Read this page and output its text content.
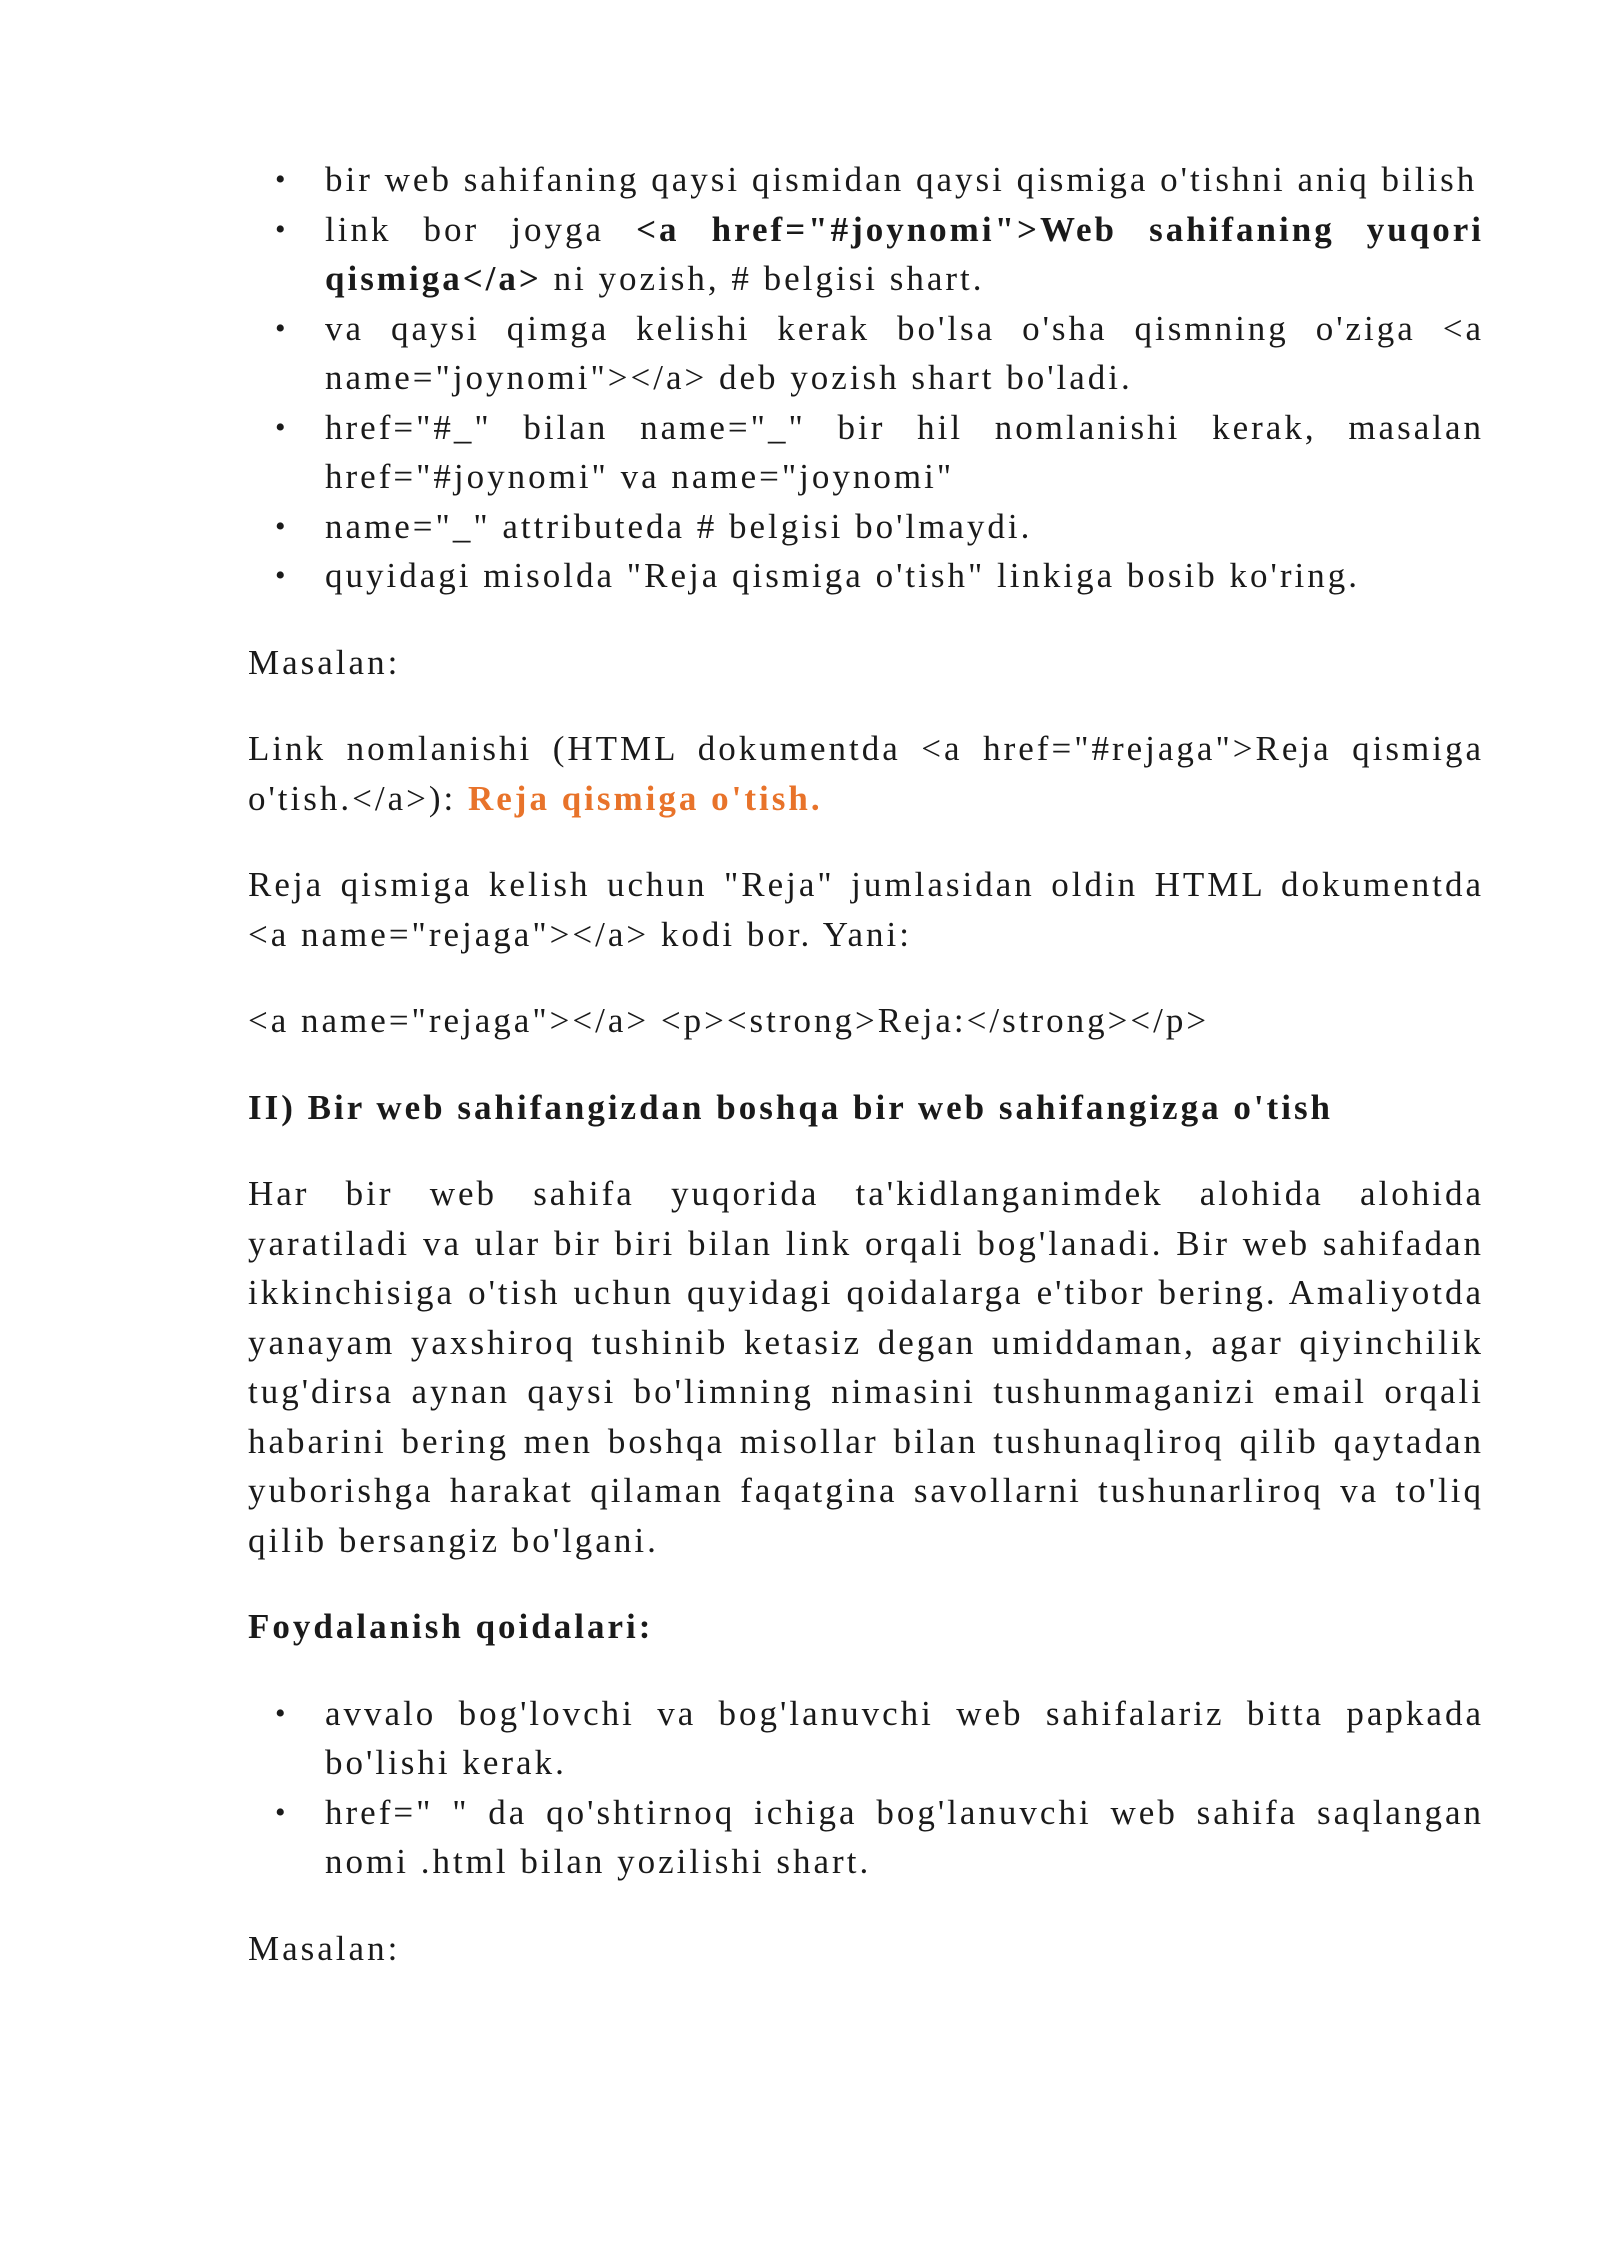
• bir web sahifaning qaysi qismidan qaysi qismiga o'tishni aniq bilish
• link bor joyga <a href="#joynomi">Web sahifaning yuqori qismiga</a> ni yozish, # belgisi shart.
• va qaysi qimga kelishi kerak bo'lsa o'sha qismning o'ziga <a name="joynomi"></a> deb yozish shart bo'ladi.
• href="#_" bilan name="_" bir hil nomlanishi kerak, masalan href="#joynomi" va name="joynomi"
• name="_" attributeda # belgisi bo'lmaydi.
• quyidagi misolda "Reja qismiga o'tish" linkiga bosib ko'ring.

Masalan:

Link nomlanishi (HTML dokumentda <a href="#rejaga">Reja qismiga o'tish.</a>): Reja qismiga o'tish.

Reja qismiga kelish uchun "Reja" jumlasidan oldin HTML dokumentda <a name="rejaga"></a> kodi bor. Yani:

<a name="rejaga"></a> <p><strong>Reja:</strong></p>

II) Bir web sahifangizdan boshqa bir web sahifangizga o'tish

Har bir web sahifa yuqorida ta'kidlanganimdek alohida alohida yaratiladi va ular bir biri bilan link orqali bog'lanadi. Bir web sahifadan ikkinchisiga o'tish uchun quyidagi qoidalarga e'tibor bering. Amaliyotda yanayam yaxshiroq tushinib ketasiz degan umiddaman, agar qiyinchilik tug'dirsa aynan qaysi bo'limning nimasini tushunmaganizi email orqali habarini bering men boshqa misollar bilan tushunaqliroq qilib qaytadan yuborishga harakat qilaman faqatgina savollarni tushunarliroq va to'liq qilib bersangiz bo'lgani.

Foydalanish qoidalari:

• avvalo bog'lovchi va bog'lanuvchi web sahifalariz bitta papkada bo'lishi kerak.
• href=" " da qo'shtirnoq ichiga bog'lanuvchi web sahifa saqlangan nomi .html bilan yozilishi shart.

Masalan:
